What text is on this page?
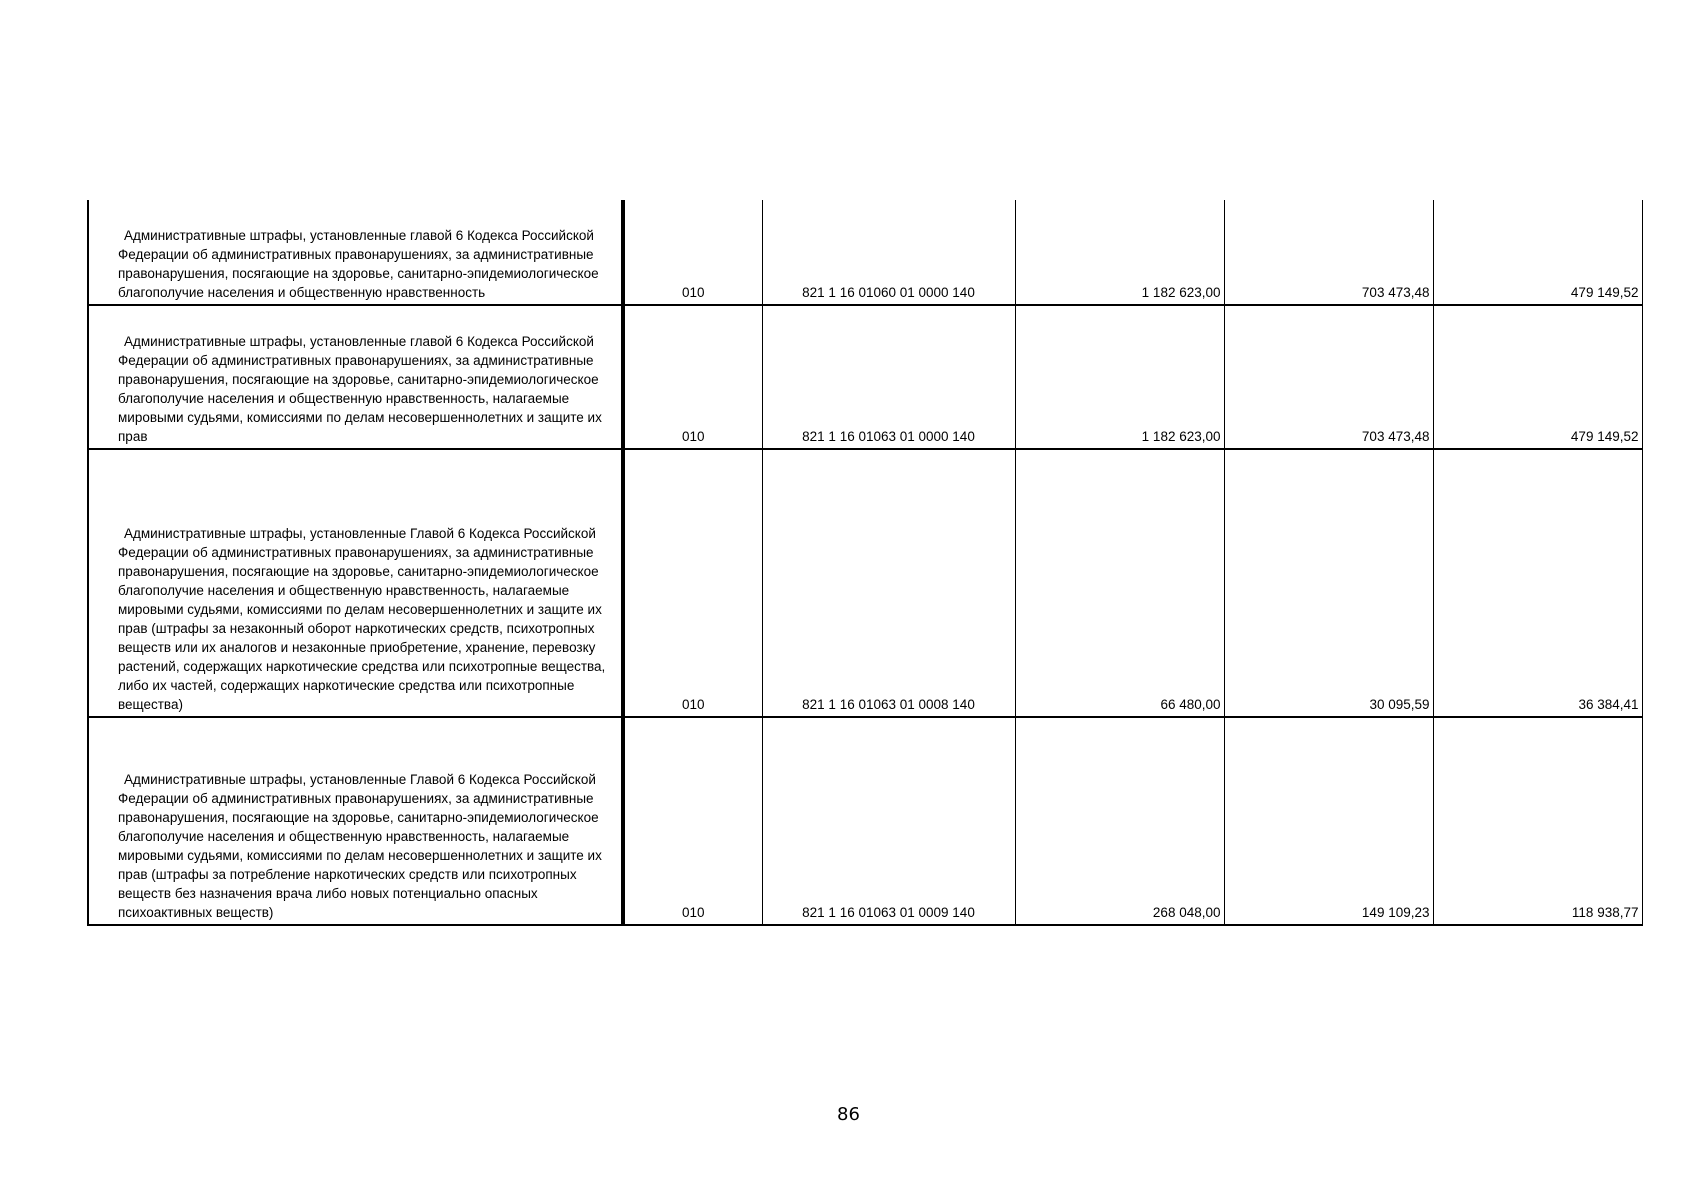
Административные штрафы, установленные главой 6 Кодекса Российской Федерации об административных правонарушениях, за административные правонарушения, посягающие на здоровье, санитарно-эпидемиологическое благополучие населения и общественную нравственность	010	821 1 16 01060 01 0000 140	1 182 623,00	703 473,48	479 149,52

Административные штрафы, установленные главой 6 Кодекса Российской Федерации об административных правонарушениях, за административные правонарушения, посягающие на здоровье, санитарно-эпидемиологическое благополучие населения и общественную нравственность, налагаемые мировыми судьями, комиссиями по делам несовершеннолетних и защите их прав	010	821 1 16 01063 01 0000 140	1 182 623,00	703 473,48	479 149,52

Административные штрафы, установленные Главой 6 Кодекса Российской Федерации об административных правонарушениях, за административные правонарушения, посягающие на здоровье, санитарно-эпидемиологическое благополучие населения и общественную нравственность, налагаемые мировыми судьями, комиссиями по делам несовершеннолетних и защите их прав (штрафы за незаконный оборот наркотических средств, психотропных веществ или их аналогов и незаконные приобретение, хранение, перевозку растений, содержащих наркотические средства или психотропные вещества, либо их частей, содержащих наркотические средства или психотропные вещества)	010	821 1 16 01063 01 0008 140	66 480,00	30 095,59	36 384,41

Административные штрафы, установленные Главой 6 Кодекса Российской Федерации об административных правонарушениях, за административные правонарушения, посягающие на здоровье, санитарно-эпидемиологическое благополучие населения и общественную нравственность, налагаемые мировыми судьями, комиссиями по делам несовершеннолетних и защите их прав (штрафы за потребление наркотических средств или психотропных веществ без назначения врача либо новых потенциально опасных психоактивных веществ)	010	821 1 16 01063 01 0009 140	268 048,00	149 109,23	118 938,77
86
